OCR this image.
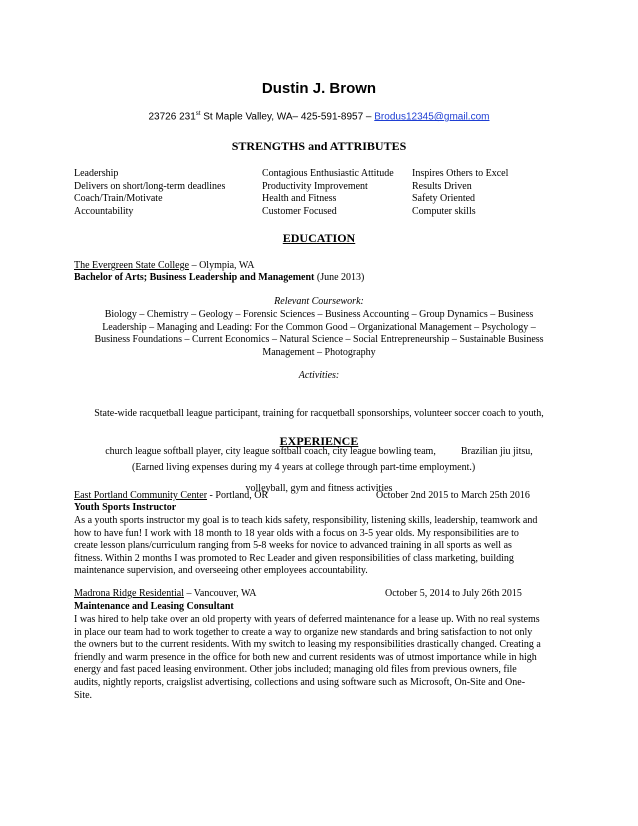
Dustin J. Brown
23726 231st St Maple Valley, WA– 425-591-8957 – Brodus12345@gmail.com
STRENGTHS and ATTRIBUTES
Leadership
Delivers on short/long-term deadlines
Coach/Train/Motivate
Accountability
Contagious Enthusiastic Attitude
Productivity Improvement
Health and Fitness
Customer Focused
Inspires Others to Excel
Results Driven
Safety Oriented
Computer skills
EDUCATION
The Evergreen State College – Olympia, WA
Bachelor of Arts; Business Leadership and Management (June 2013)
Relevant Coursework:
Biology – Chemistry – Geology – Forensic Sciences – Business Accounting – Group Dynamics – Business
Leadership – Managing and Leading: For the Common Good – Organizational Management – Psychology –
Business Foundations – Current Economics – Natural Science – Social Entrepreneurship – Sustainable Business
Management – Photography
Activities:

State-wide racquetball league participant, training for racquetball sponsorships, volunteer soccer coach to youth,

church league softball player, city league softball coach, city league bowling team,          Brazilian jiu jitsu,

volleyball, gym and fitness activities

EXPERIENCE
(Earned living expenses during my 4 years at college through part-time employment.)
East Portland Community Center - Portland, OR	October 2nd 2015 to March 25th 2016
Youth Sports Instructor
As a youth sports instructor my goal is to teach kids safety, responsibility, listening skills, leadership, teamwork and
how to have fun! I work with 18 month to 18 year olds with a focus on 3-5 year olds. My responsibilities are to
create lesson plans/curriculum ranging from 5-8 weeks for novice to advanced training in all sports as well as
fitness. Within 2 months I was promoted to Rec Leader and given responsibilities of class marketing, building
maintenance supervision, and overseeing other employees accountability.
Madrona Ridge Residential – Vancouver, WA	October 5, 2014 to July 26th 2015
Maintenance and Leasing Consultant
I was hired to help take over an old property with years of deferred maintenance for a lease up. With no real systems
in place our team had to work together to create a way to organize new standards and bring satisfaction to not only
the owners but to the current residents. With my switch to leasing my responsibilities drastically changed. Creating a
friendly and warm presence in the office for both new and current residents was of utmost importance while in high
energy and fast paced leasing environment. Other jobs included; managing old files from previous owners, file
audits, nightly reports, craigslist advertising, collections and using software such as Microsoft, On-Site and One-
Site.
